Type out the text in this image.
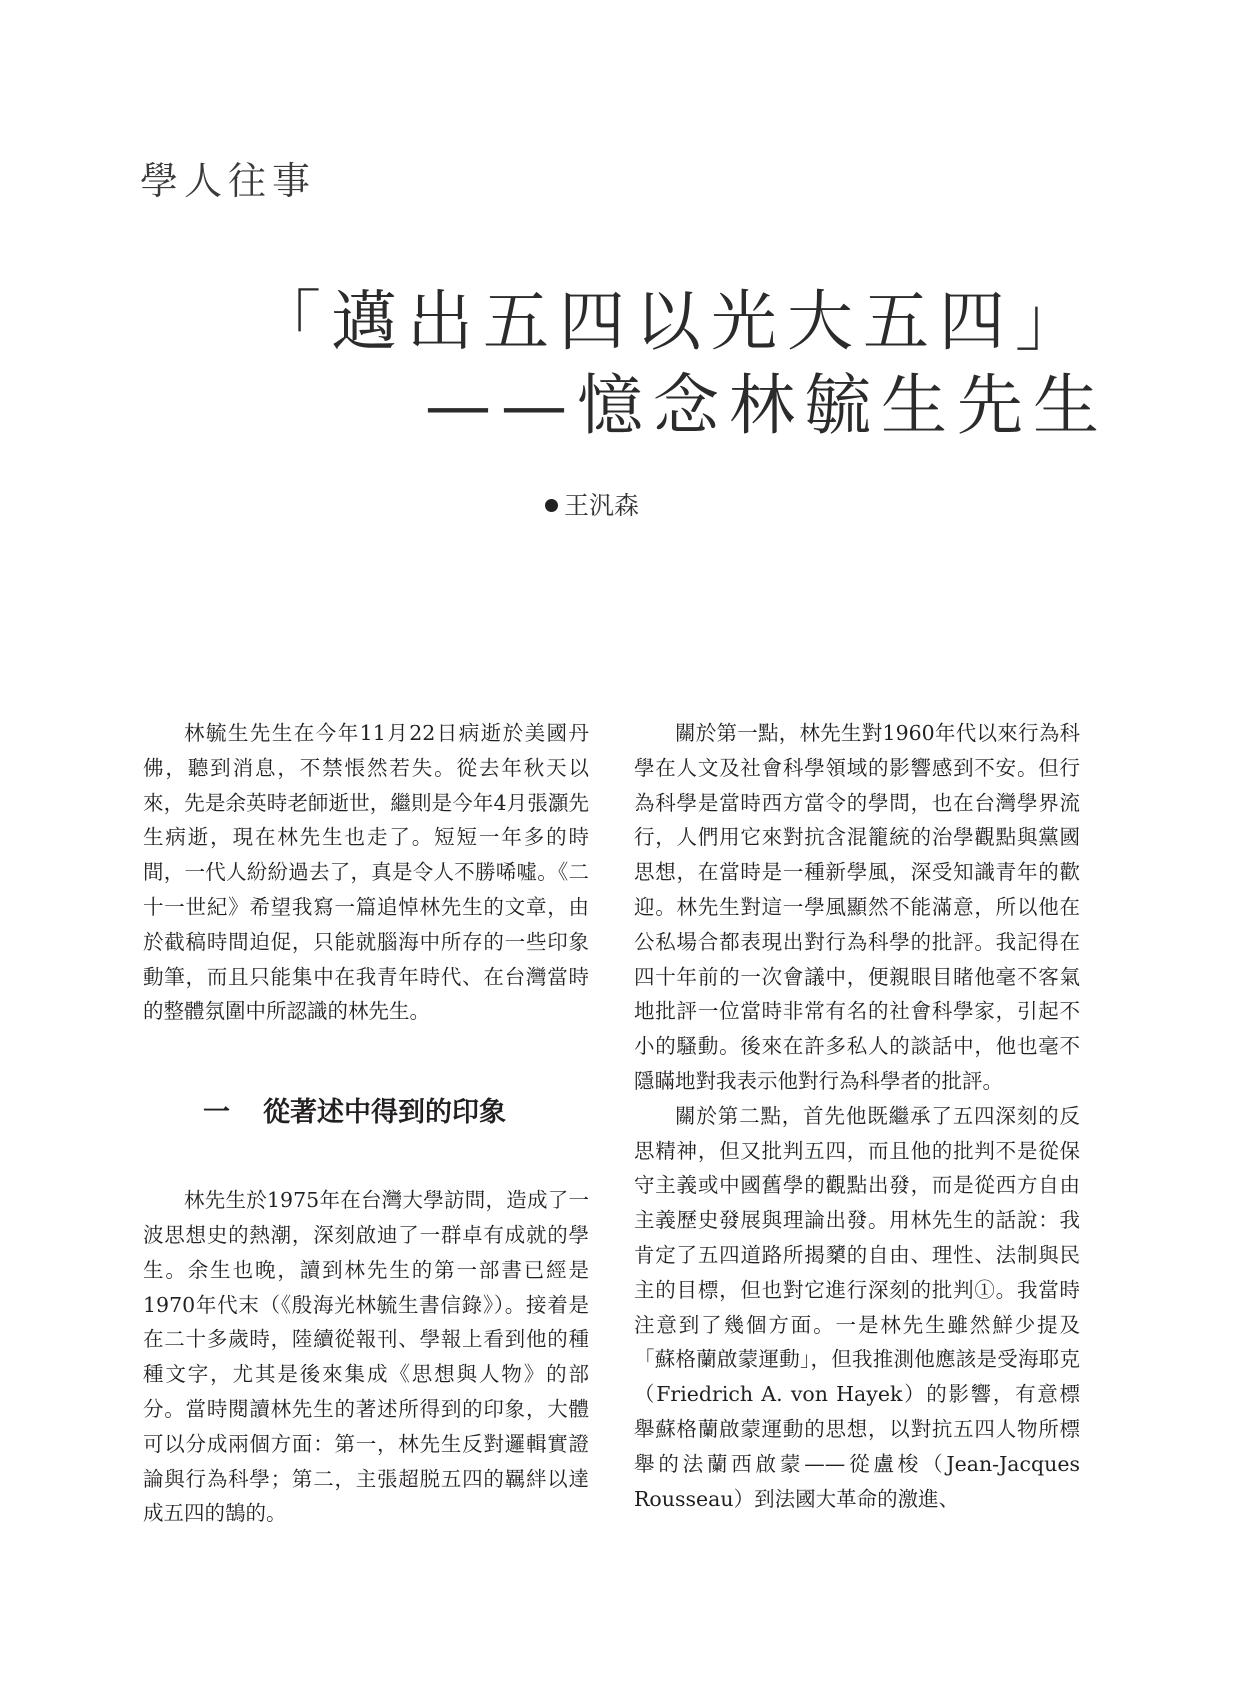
學人往事
「邁出五四以光大五四」
——憶念林毓生先生
王汎森

林毓生先生在今年11月22日病逝於美國丹佛，聽到消息，不禁悵然若失。從去年秋天以來，先是余英時老師逝世，繼則是今年4月張灝先生病逝，現在林先生也走了。短短一年多的時間，一代人紛紛過去了，真是令人不勝唏噓。《二十一世紀》希望我寫一篇追悼林先生的文章，由於截稿時間迫促，只能就腦海中所存的一些印象動筆，而且只能集中在我青年時代、在台灣當時的整體氛圍中所認識的林先生。

一 從著述中得到的印象

林先生於1975年在台灣大學訪問，造成了一波思想史的熱潮，深刻啟迪了一群卓有成就的學生。余生也晚，讀到林先生的第一部書已經是1970年代末（《殷海光林毓生書信錄》）。接着是在二十多歲時，陸續從報刊、學報上看到他的種種文字，尤其是後來集成《思想與人物》的部分。當時閱讀林先生的著述所得到的印象，大體可以分成兩個方面：第一，林先生反對邏輯實證論與行為科學；第二，主張超脱五四的羈絆以達成五四的鵠的。

關於第一點，林先生對1960年代以來行為科學在人文及社會科學領域的影響感到不安。但行為科學是當時西方當令的學問，也在台灣學界流行，人們用它來對抗含混籠統的治學觀點與黨國思想，在當時是一種新學風，深受知識青年的歡迎。林先生對這一學風顯然不能滿意，所以他在公私場合都表現出對行為科學的批評。我記得在四十年前的一次會議中，便親眼目睹他毫不客氣地批評一位當時非常有名的社會科學家，引起不小的騷動。後來在許多私人的談話中，他也毫不隱瞞地對我表示他對行為科學者的批評。

關於第二點，首先他既繼承了五四深刻的反思精神，但又批判五四，而且他的批判不是從保守主義或中國舊學的觀點出發，而是從西方自由主義歷史發展與理論出發。用林先生的話說：我肯定了五四道路所揭櫫的自由、理性、法制與民主的目標，但也對它進行深刻的批判①。我當時注意到了幾個方面。一是林先生雖然鮮少提及「蘇格蘭啟蒙運動」，但我推測他應該是受海耶克（Friedrich A. von Hayek）的影響，有意標舉蘇格蘭啟蒙運動的思想，以對抗五四人物所標舉的法蘭西啟蒙——從盧梭（Jean-Jacques Rousseau）到法國大革命的激進、
